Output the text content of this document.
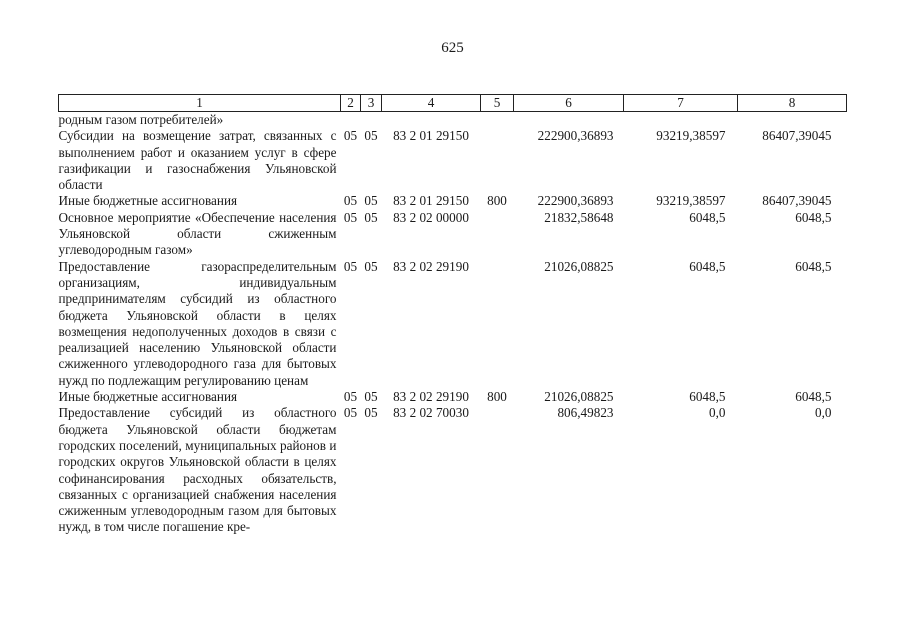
625
1	2	3	4	5	6	7	8
родным газом потребителей»							
Субсидии на возмещение затрат, связанных с выполнением работ и оказанием услуг в сфере газификации и газоснабжения Ульяновской области	05	05	83 2 01 29150		222900,36893	93219,38597	86407,39045
Иные бюджетные ассигнования	05	05	83 2 01 29150	800	222900,36893	93219,38597	86407,39045
Основное мероприятие «Обеспечение населения Ульяновской области сжиженным углеводородным газом»	05	05	83 2 02 00000		21832,58648	6048,5	6048,5
Предоставление газораспределительным организациям, индивидуальным предпринимателям субсидий из областного бюджета Ульяновской области в целях возмещения недополученных доходов в связи с реализацией населению Ульяновской области сжиженного углеводородного газа для бытовых нужд по подлежащим регулированию ценам	05	05	83 2 02 29190		21026,08825	6048,5	6048,5
Иные бюджетные ассигнования	05	05	83 2 02 29190	800	21026,08825	6048,5	6048,5
Предоставление субсидий из областного бюджета Ульяновской области бюджетам городских поселений, муниципальных районов и городских округов Ульяновской области в целях софинансирования расходных обязательств, связанных с организацией снабжения населения сжиженным углеводородным газом для бытовых нужд, в том числе погашение кре-	05	05	83 2 02 70030		806,49823	0,0	0,0
